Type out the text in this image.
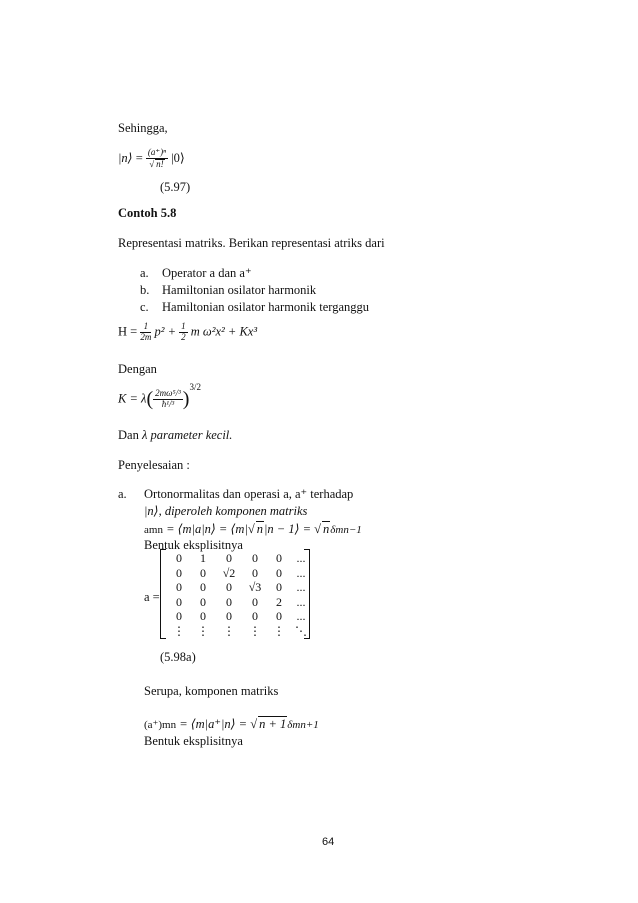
Sehingga,
|n⟩ = $\frac{\text{(a⁺)ⁿ}}{√ n!}$ |0⟩
(5.97)
Contoh 5.8
Representasi matriks. Berikan representasi atriks dari
a. Operator a dan a⁺
b. Hamiltonian osilator harmonik
c. Hamiltonian osilator harmonik terganggu
$H = \frac{1}{2m} p^2 + \frac{1}{2}$ m ω²x² + Kx³
Dengan
$K = \lambda( \frac{\text{2mω⁵/³}}{\text{ħ¹/³}} )^{3/2}$
Dan λ parameter kecil.
Penyelesaian :
a. Ortonormalitas dan operasi a, a⁺ terhadap
|n⟩, diperoleh komponen matriks
amn = ⟨m|a|n⟩ = ⟨m|√ n|n − 1⟩ = √ nδmn−1
Bentuk eksplisitnya
a =
0	1	0	0	0	...
0	0	√2	0	0	...
0	0	0	√3	0	...
0	0	0	0	2	...
0	0	0	0	0	...
⋮	⋮	⋮	⋮	⋮ ⋱
(5.98a)
Serupa, komponen matriks
(a⁺)mn = ⟨m|a⁺|n⟩ = √ n + 1δmn+1
Bentuk eksplisitnya
64
